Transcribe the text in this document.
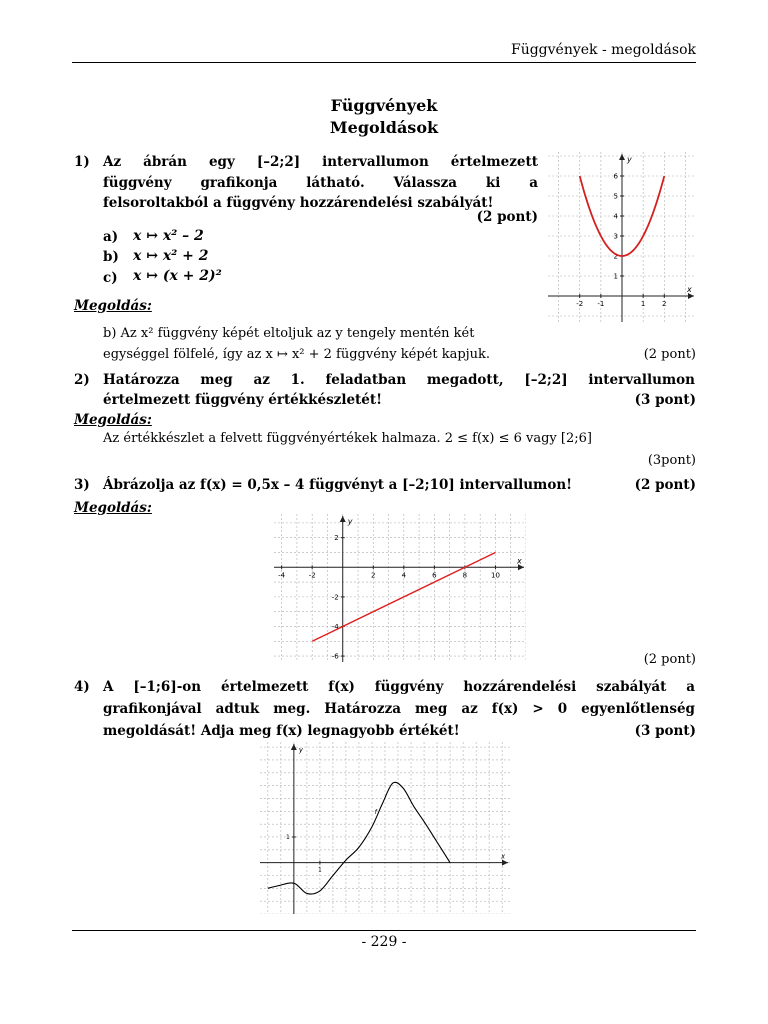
Függvények - megoldások
Függvények
Megoldások
1) Az ábrán egy [–2;2] intervallumon értelmezett
függvény grafikonja látható. Válassza ki a
felsoroltakból a függvény hozzárendelési szabályát!
(2 pont)
a) x ↦ x² – 2
b) x ↦ x² + 2
c) x ↦ (x + 2)²
Megoldás:
b) Az x² függvény képét eltoljuk az y tengely mentén két
egységgel fölfelé, így az x ↦ x² + 2 függvény képét kapjuk.	(2 pont)
x
y
-2 -1	1 2
1
2
3
4
5
6
2) Határozza meg az 1. feladatban megadott, [–2;2] intervallumon
értelmezett függvény értékkészletét!	(3 pont)
Megoldás:
Az értékkészlet a felvett függvényértékek halmaza. 2 ≤ f(x) ≤ 6 vagy [2;6]
(3pont)
3) Ábrázolja az f(x) = 0,5x – 4 függvényt a [–2;10] intervallumon!	(2 pont)
Megoldás:
x
y
-4	-2	2	4	6	8	10
2
-2
-4
-6	(2 pont)
4) A [–1;6]-on értelmezett f(x) függvény hozzárendelési szabályát a
grafikonjával adtuk meg. Határozza meg az f(x) > 0 egyenlőtlenség
megoldását! Adja meg f(x) legnagyobb értékét!	(3 pont)
x
y
1
1
f
- 229 -
